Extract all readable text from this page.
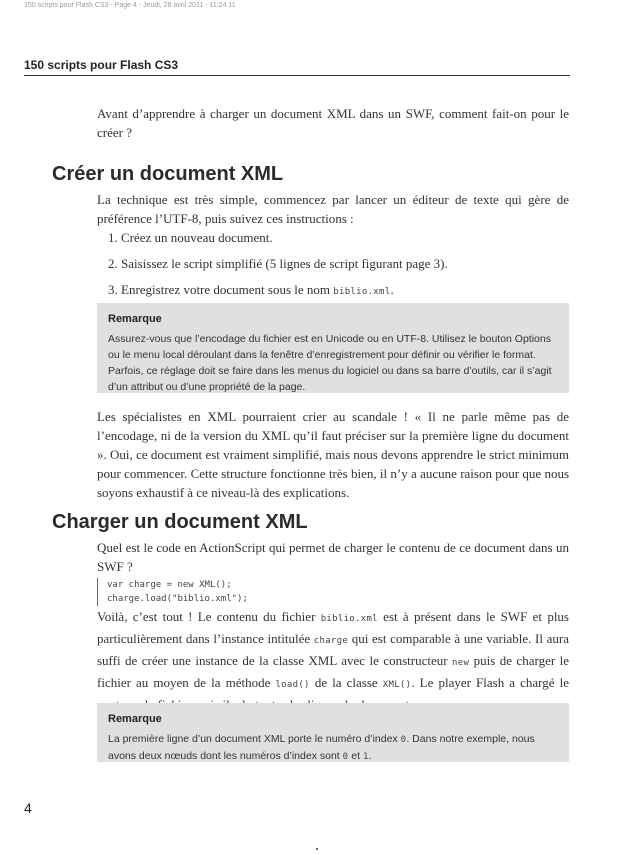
150 scripts pour Flash CS3 - Page 4 - Jeudi, 28 avril 2011 - 11:24 11
150 scripts pour Flash CS3
Avant d’apprendre à charger un document XML dans un SWF, comment fait-on pour le créer ?
Créer un document XML
La technique est très simple, commencez par lancer un éditeur de texte qui gère de préférence l’UTF-8, puis suivez ces instructions :
1. Créez un nouveau document.
2. Saisissez le script simplifié (5 lignes de script figurant page 3).
3. Enregistrez votre document sous le nom biblio.xml.
Remarque
Assurez-vous que l’encodage du fichier est en Unicode ou en UTF-8. Utilisez le bouton Options ou le menu local déroulant dans la fenêtre d’enregistrement pour définir ou vérifier le format. Parfois, ce réglage doit se faire dans les menus du logiciel ou dans sa barre d’outils, car il s’agit d’un attribut ou d’une propriété de la page.
Les spécialistes en XML pourraient crier au scandale ! « Il ne parle même pas de l’encodage, ni de la version du XML qu’il faut préciser sur la première ligne du document ». Oui, ce document est vraiment simplifié, mais nous devons apprendre le strict minimum pour commencer. Cette structure fonctionne très bien, il n’y a aucune raison pour que nous soyons exhaustif à ce niveau-là des explications.
Charger un document XML
Quel est le code en ActionScript qui permet de charger le contenu de ce document dans un SWF ?
var charge = new XML();
charge.load("biblio.xml");
Voilà, c’est tout ! Le contenu du fichier biblio.xml est à présent dans le SWF et plus particulièrement dans l’instance intitulée charge qui est comparable à une variable. Il aura suffi de créer une instance de la classe XML avec le constructeur new puis de charger le fichier au moyen de la méthode load() de la classe XML(). Le player Flash a chargé le
Remarque
La première ligne d’un document XML porte le numéro d’index 0. Dans notre exemple, nous avons deux nœuds dont les numéros d’index sont 0 et 1.
4
